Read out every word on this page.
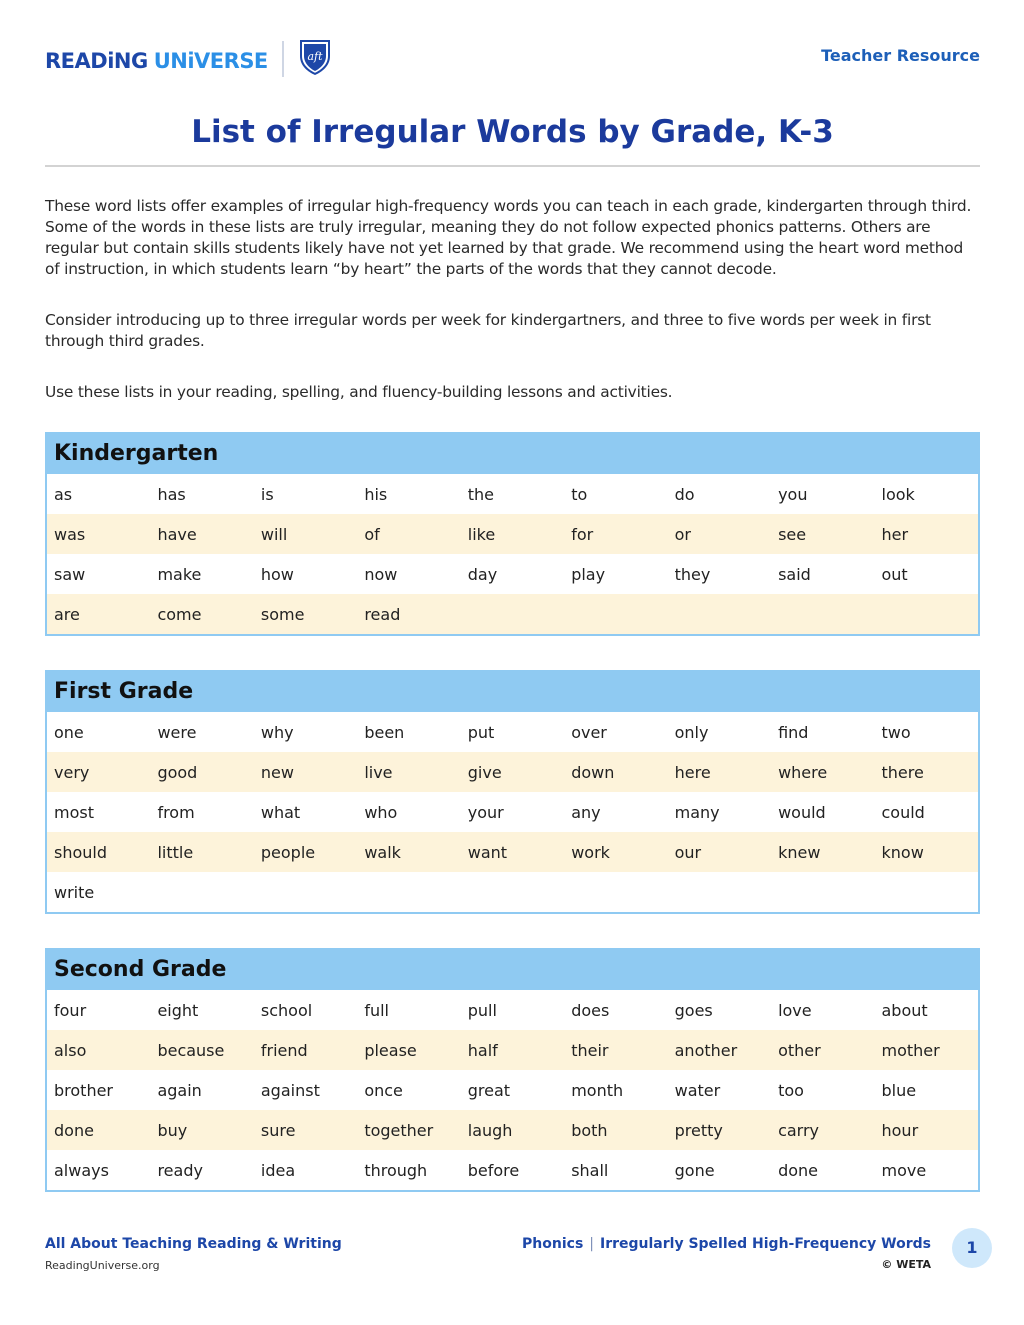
READiNG UNiVERSE	aft	Teacher Resource
List of Irregular Words by Grade, K-3

These word lists offer examples of irregular high-frequency words you can teach in each grade, kindergarten through third. Some of the words in these lists are truly irregular, meaning they do not follow expected phonics patterns. Others are regular but contain skills students likely have not yet learned by that grade. We recommend using the heart word method of instruction, in which students learn “by heart” the parts of the words that they cannot decode.

Consider introducing up to three irregular words per week for kindergartners, and three to five words per week in first through third grades.

Use these lists in your reading, spelling, and fluency-building lessons and activities.

Kindergarten
as	has	is	his	the	to	do	you	look
was	have	will	of	like	for	or	see	her
saw	make	how	now	day	play	they	said	out
are	come	some	read
First Grade
one	were	why	been	put	over	only	find	two
very	good	new	live	give	down	here	where	there
most	from	what	who	your	any	many	would	could
should	little	people	walk	want	work	our	knew	know
write
Second Grade
four	eight	school	full	pull	does	goes	love	about
also	because	friend	please	half	their	another	other	mother
brother	again	against	once	great	month	water	too	blue
done	buy	sure	together	laugh	both	pretty	carry	hour
always	ready	idea	through	before	shall	gone	done	move
All About Teaching Reading & Writing
ReadingUniverse.org
Phonics | Irregularly Spelled High-Frequency Words
© WETA
1
